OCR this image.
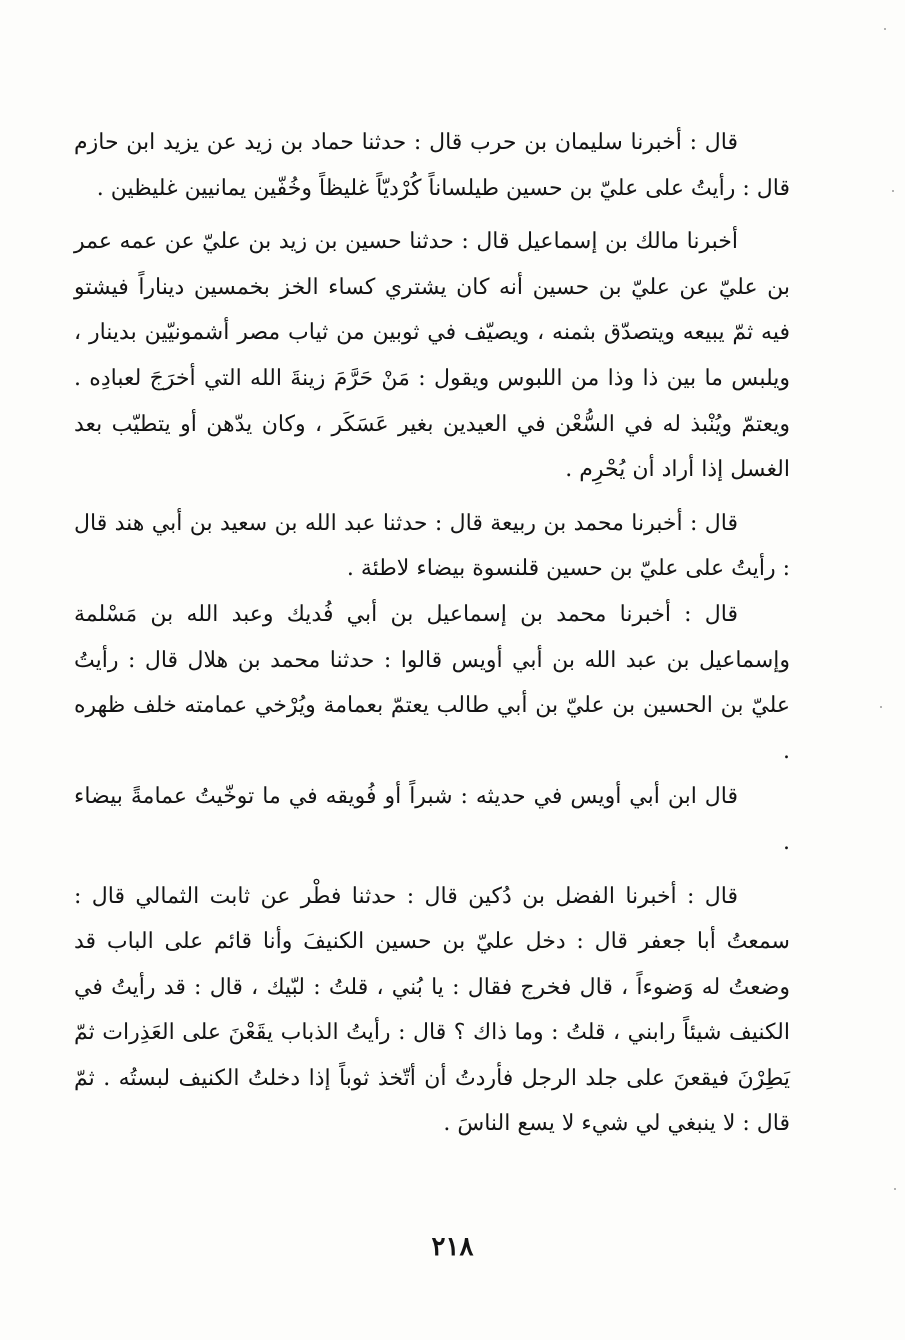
قال : أخبرنا سليمان بن حرب قال : حدثنا حماد بن زيد عن يزيد ابن حازم قال : رأيتُ على عليّ بن حسين طيلساناً كُرْديّاً غليظاً وخُفّين يمانيين غليظين .

أخبرنا مالك بن إسماعيل قال : حدثنا حسين بن زيد بن عليّ عن عمه عمر بن عليّ عن عليّ بن حسين أنه كان يشتري كساء الخز بخمسين ديناراً فيشتو فيه ثمّ يبيعه ويتصدّق بثمنه ، ويصيّف في ثوبين من ثياب مصر أشمونيّين بدينار ، ويلبس ما بين ذا وذا من اللبوس ويقول : مَنْ حَرَّمَ زينةَ الله التي أخرَجَ لعبادِه . ويعتمّ ويُنْبذ له في السُّعْن في العيدين بغير عَسَكَر ، وكان يدّهن أو يتطيّب بعد الغسل إذا أراد أن يُحْرِم .

قال : أخبرنا محمد بن ربيعة قال : حدثنا عبد الله بن سعيد بن أبي هند قال : رأيتُ على عليّ بن حسين قلنسوة بيضاء لاطئة .

قال : أخبرنا محمد بن إسماعيل بن أبي فُديك وعبد الله بن مَسْلمة وإسماعيل بن عبد الله بن أبي أويس قالوا : حدثنا محمد بن هلال قال : رأيتُ عليّ بن الحسين بن عليّ بن أبي طالب يعتمّ بعمامة ويُرْخي عمامته خلف ظهره .

قال ابن أبي أويس في حديثه : شبراً أو فُويقه في ما توخّيتُ عمامةً بيضاء .

قال : أخبرنا الفضل بن دُكين قال : حدثنا فطْر عن ثابت الثمالي قال : سمعتُ أبا جعفر قال : دخل عليّ بن حسين الكنيفَ وأنا قائم على الباب قد وضعتُ له وَضوءاً ، قال فخرج فقال : يا بُني ، قلتُ : لبّيك ، قال : قد رأيتُ في الكنيف شيئاً رابني ، قلتُ : وما ذاك ؟ قال : رأيتُ الذباب يقَعْنَ على العَذِرات ثمّ يَطِرْنَ فيقعنَ على جلد الرجل فأردتُ أن أتّخذ ثوباً إذا دخلتُ الكنيف لبستُه . ثمّ قال : لا ينبغي لي شيء لا يسع الناسَ .

٢١٨
